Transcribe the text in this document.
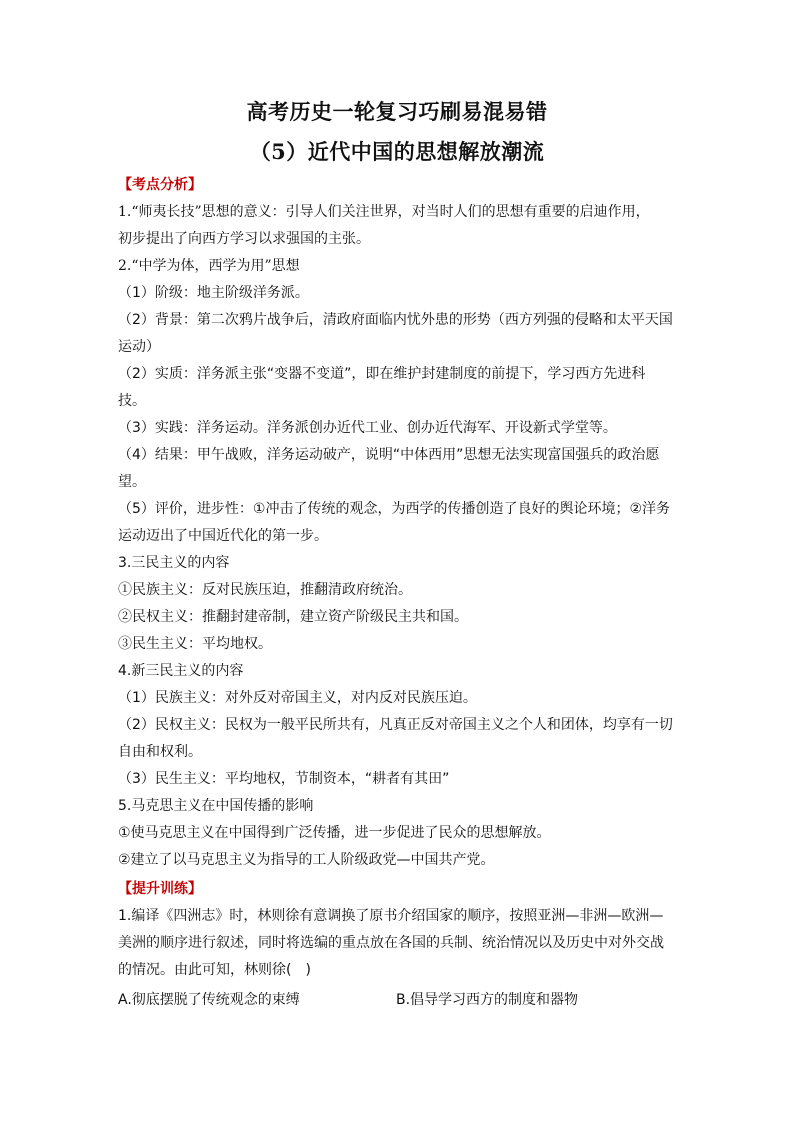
高考历史一轮复习巧刷易混易错
（5）近代中国的思想解放潮流
【考点分析】
1.“师夷长技”思想的意义：引导人们关注世界，对当时人们的思想有重要的启迪作用，
初步提出了向西方学习以求强国的主张。
2.“中学为体，西学为用”思想
（1）阶级：地主阶级洋务派。
（2）背景：第二次鸦片战争后，清政府面临内忧外患的形势（西方列强的侵略和太平天国
运动）
（2）实质：洋务派主张“变器不变道”，即在维护封建制度的前提下，学习西方先进科
技。
（3）实践：洋务运动。洋务派创办近代工业、创办近代海军、开设新式学堂等。
（4）结果：甲午战败，洋务运动破产，说明“中体西用”思想无法实现富国强兵的政治愿
望。
（5）评价，进步性：①冲击了传统的观念，为西学的传播创造了良好的舆论环境；②洋务
运动迈出了中国近代化的第一步。
3.三民主义的内容
①民族主义：反对民族压迫，推翻清政府统治。
②民权主义：推翻封建帝制，建立资产阶级民主共和国。
③民生主义：平均地权。
4.新三民主义的内容
（1）民族主义：对外反对帝国主义，对内反对民族压迫。
（2）民权主义：民权为一般平民所共有，凡真正反对帝国主义之个人和团体，均享有一切
自由和权利。
（3）民生主义：平均地权，节制资本，“耕者有其田”
5.马克思主义在中国传播的影响
①使马克思主义在中国得到广泛传播，进一步促进了民众的思想解放。
②建立了以马克思主义为指导的工人阶级政党—中国共产党。
【提升训练】
1.编译《四洲志》时，林则徐有意调换了原书介绍国家的顺序，按照亚洲—非洲—欧洲—
美洲的顺序进行叙述，同时将选编的重点放在各国的兵制、统治情况以及历史中对外交战
的情况。由此可知，林则徐(　)
A.彻底摆脱了传统观念的束缚	B.倡导学习西方的制度和器物
